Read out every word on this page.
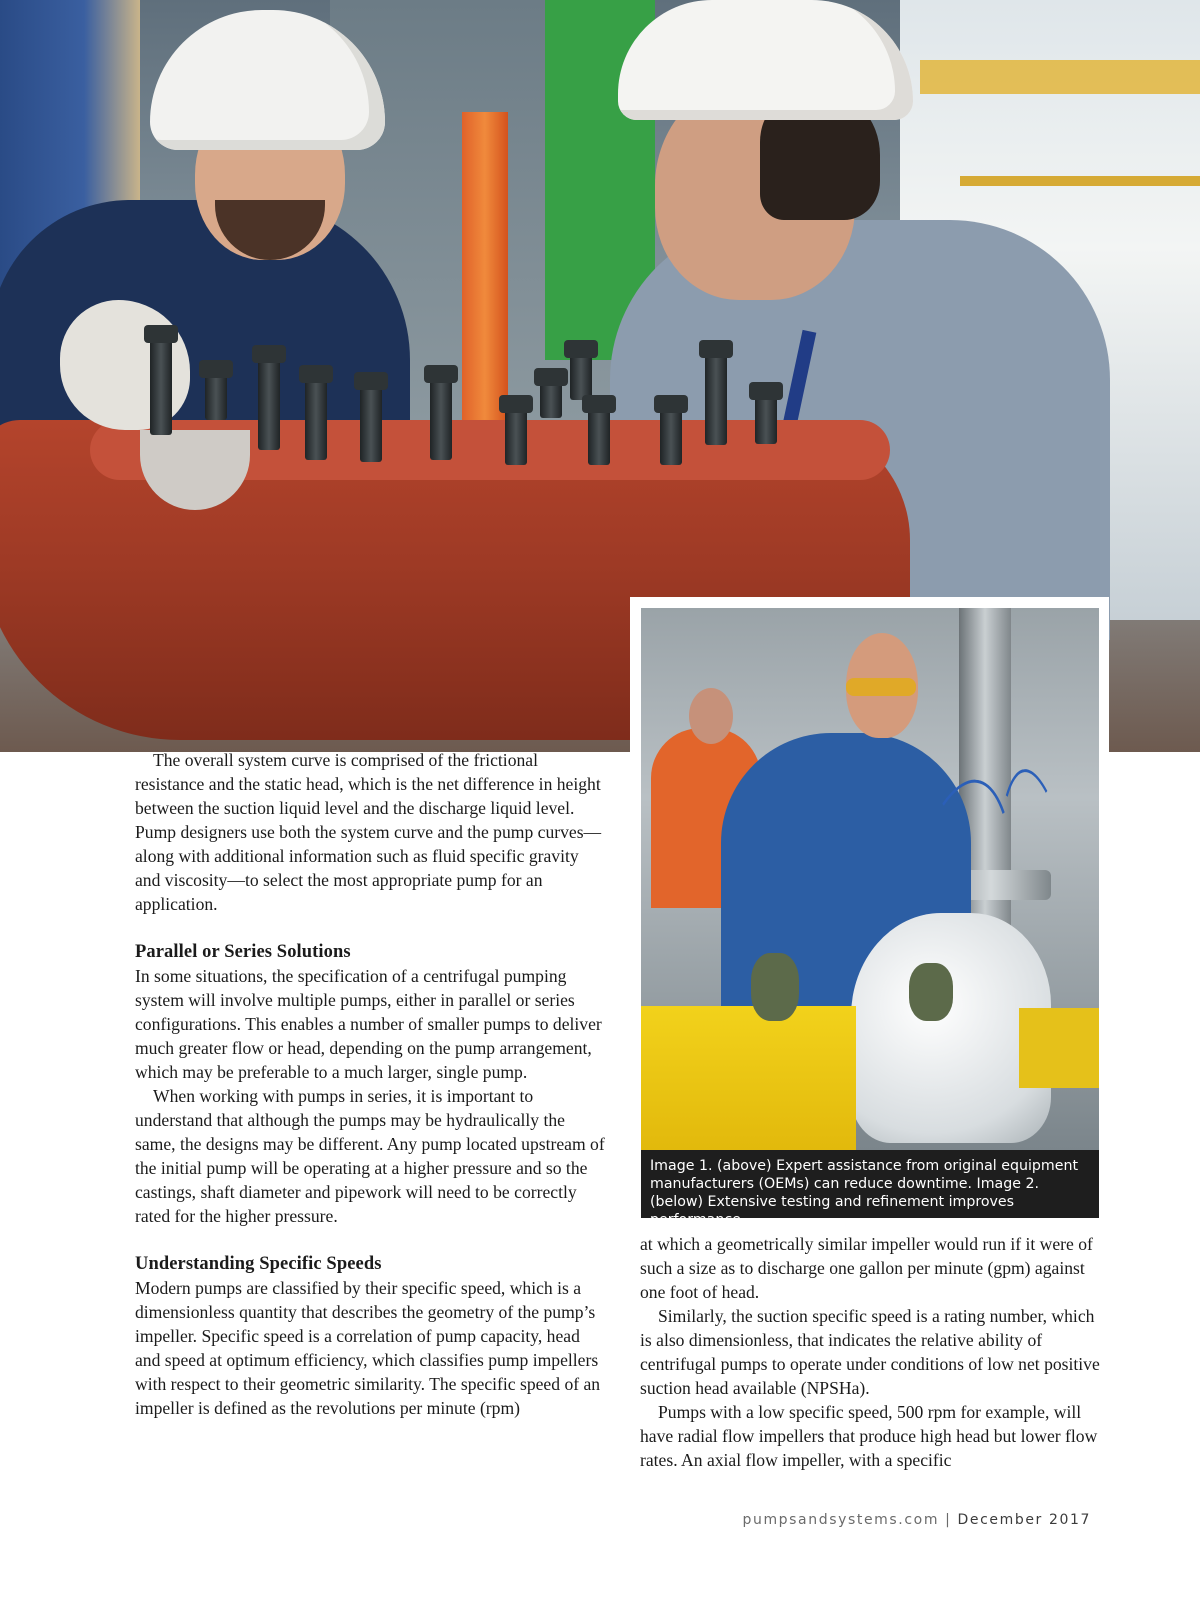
Image 1. (above) Expert assistance from original equipment manufacturers (OEMs) can reduce downtime. Image 2. (below) Extensive testing and refinement improves performance.

The overall system curve is comprised of the frictional resistance and the static head, which is the net difference in height between the suction liquid level and the discharge liquid level. Pump designers use both the system curve and the pump curves—along with additional information such as fluid specific gravity and viscosity—to select the most appropriate pump for an application.

Parallel or Series Solutions

In some situations, the specification of a centrifugal pumping system will involve multiple pumps, either in parallel or series configurations. This enables a number of smaller pumps to deliver much greater flow or head, depending on the pump arrangement, which may be preferable to a much larger, single pump.

When working with pumps in series, it is important to understand that although the pumps may be hydraulically the same, the designs may be different. Any pump located upstream of the initial pump will be operating at a higher pressure and so the castings, shaft diameter and pipework will need to be correctly rated for the higher pressure.

Understanding Specific Speeds

Modern pumps are classified by their specific speed, which is a dimensionless quantity that describes the geometry of the pump’s impeller. Specific speed is a correlation of pump capacity, head and speed at optimum efficiency, which classifies pump impellers with respect to their geometric similarity. The specific speed of an impeller is defined as the revolutions per minute (rpm)

at which a geometrically similar impeller would run if it were of such a size as to discharge one gallon per minute (gpm) against one foot of head.

Similarly, the suction specific speed is a rating number, which is also dimensionless, that indicates the relative ability of centrifugal pumps to operate under conditions of low net positive suction head available (NPSHa).

Pumps with a low specific speed, 500 rpm for example, will have radial flow impellers that produce high head but lower flow rates. An axial flow impeller, with a specific

pumpsandsystems.com | December 2017
